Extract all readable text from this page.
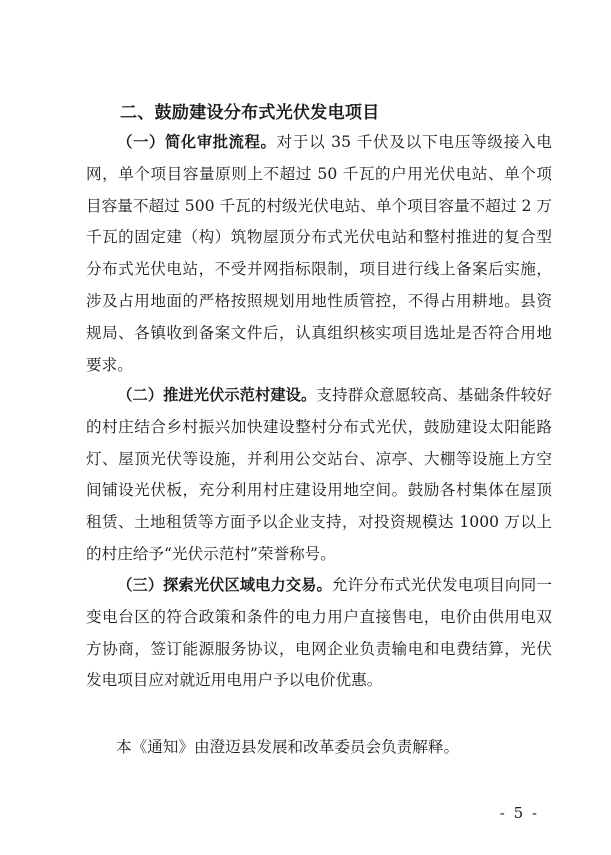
二、鼓励建设分布式光伏发电项目

（一）简化审批流程。对于以 35 千伏及以下电压等级接入电网，单个项目容量原则上不超过 50 千瓦的户用光伏电站、单个项目容量不超过 500 千瓦的村级光伏电站、单个项目容量不超过 2 万千瓦的固定建（构）筑物屋顶分布式光伏电站和整村推进的复合型分布式光伏电站，不受并网指标限制，项目进行线上备案后实施，涉及占用地面的严格按照规划用地性质管控，不得占用耕地。县资规局、各镇收到备案文件后，认真组织核实项目选址是否符合用地要求。

（二）推进光伏示范村建设。支持群众意愿较高、基础条件较好的村庄结合乡村振兴加快建设整村分布式光伏，鼓励建设太阳能路灯、屋顶光伏等设施，并利用公交站台、凉亭、大棚等设施上方空间铺设光伏板，充分利用村庄建设用地空间。鼓励各村集体在屋顶租赁、土地租赁等方面予以企业支持，对投资规模达 1000 万以上的村庄给予“光伏示范村”荣誉称号。

（三）探索光伏区域电力交易。允许分布式光伏发电项目向同一变电台区的符合政策和条件的电力用户直接售电，电价由供用电双方协商，签订能源服务协议，电网企业负责输电和电费结算，光伏发电项目应对就近用电用户予以电价优惠。

本《通知》由澄迈县发展和改革委员会负责解释。
- 5 -
